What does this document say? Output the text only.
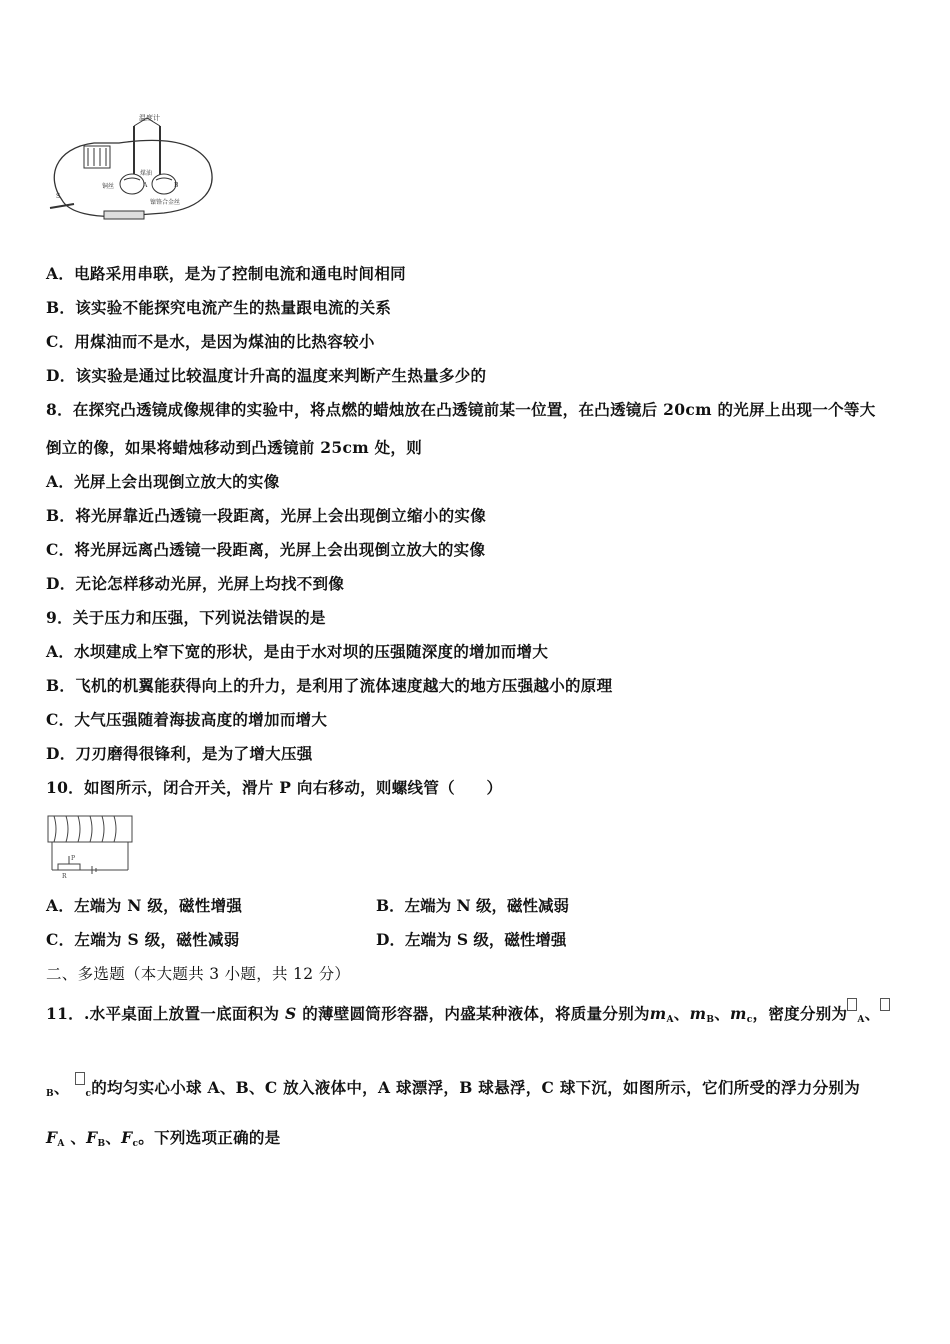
温度计
煤油
铜丝
镍铬合金丝
A	B
S
A．电路采用串联，是为了控制电流和通电时间相同
B．该实验不能探究电流产生的热量跟电流的关系
C．用煤油而不是水，是因为煤油的比热容较小
D．该实验是通过比较温度计升高的温度来判断产生热量多少的
8．在探究凸透镜成像规律的实验中，将点燃的蜡烛放在凸透镜前某一位置，在凸透镜后 20cm 的光屏上出现一个等大
倒立的像，如果将蜡烛移动到凸透镜前 25cm 处，则
A．光屏上会出现倒立放大的实像
B．将光屏靠近凸透镜一段距离，光屏上会出现倒立缩小的实像
C．将光屏远离凸透镜一段距离，光屏上会出现倒立放大的实像
D．无论怎样移动光屏，光屏上均找不到像
9．关于压力和压强，下列说法错误的是
A．水坝建成上窄下宽的形状，是由于水对坝的压强随深度的增加而增大
B．飞机的机翼能获得向上的升力，是利用了流体速度越大的地方压强越小的原理
C．大气压强随着海拔高度的增加而增大
D．刀刃磨得很锋利，是为了增大压强
10．如图所示，闭合开关，滑片 P 向右移动，则螺线管（　　）
P
R
A．左端为 N 级，磁性增强	B．左端为 N 级，磁性减弱
C．左端为 S 级，磁性减弱	D．左端为 S 级，磁性增强
二、多选题（本大题共 3 小题，共 12 分）
11．.水平桌面上放置一底面积为 S 的薄壁圆筒形容器，内盛某种液体，将质量分别为mA、mB、mc，密度分别为 A、
B、 c的均匀实心小球 A、B、C 放入液体中，A 球漂浮，B 球悬浮，C 球下沉，如图所示，它们所受的浮力分别为
FA 、FB、Fc。下列选项正确的是
